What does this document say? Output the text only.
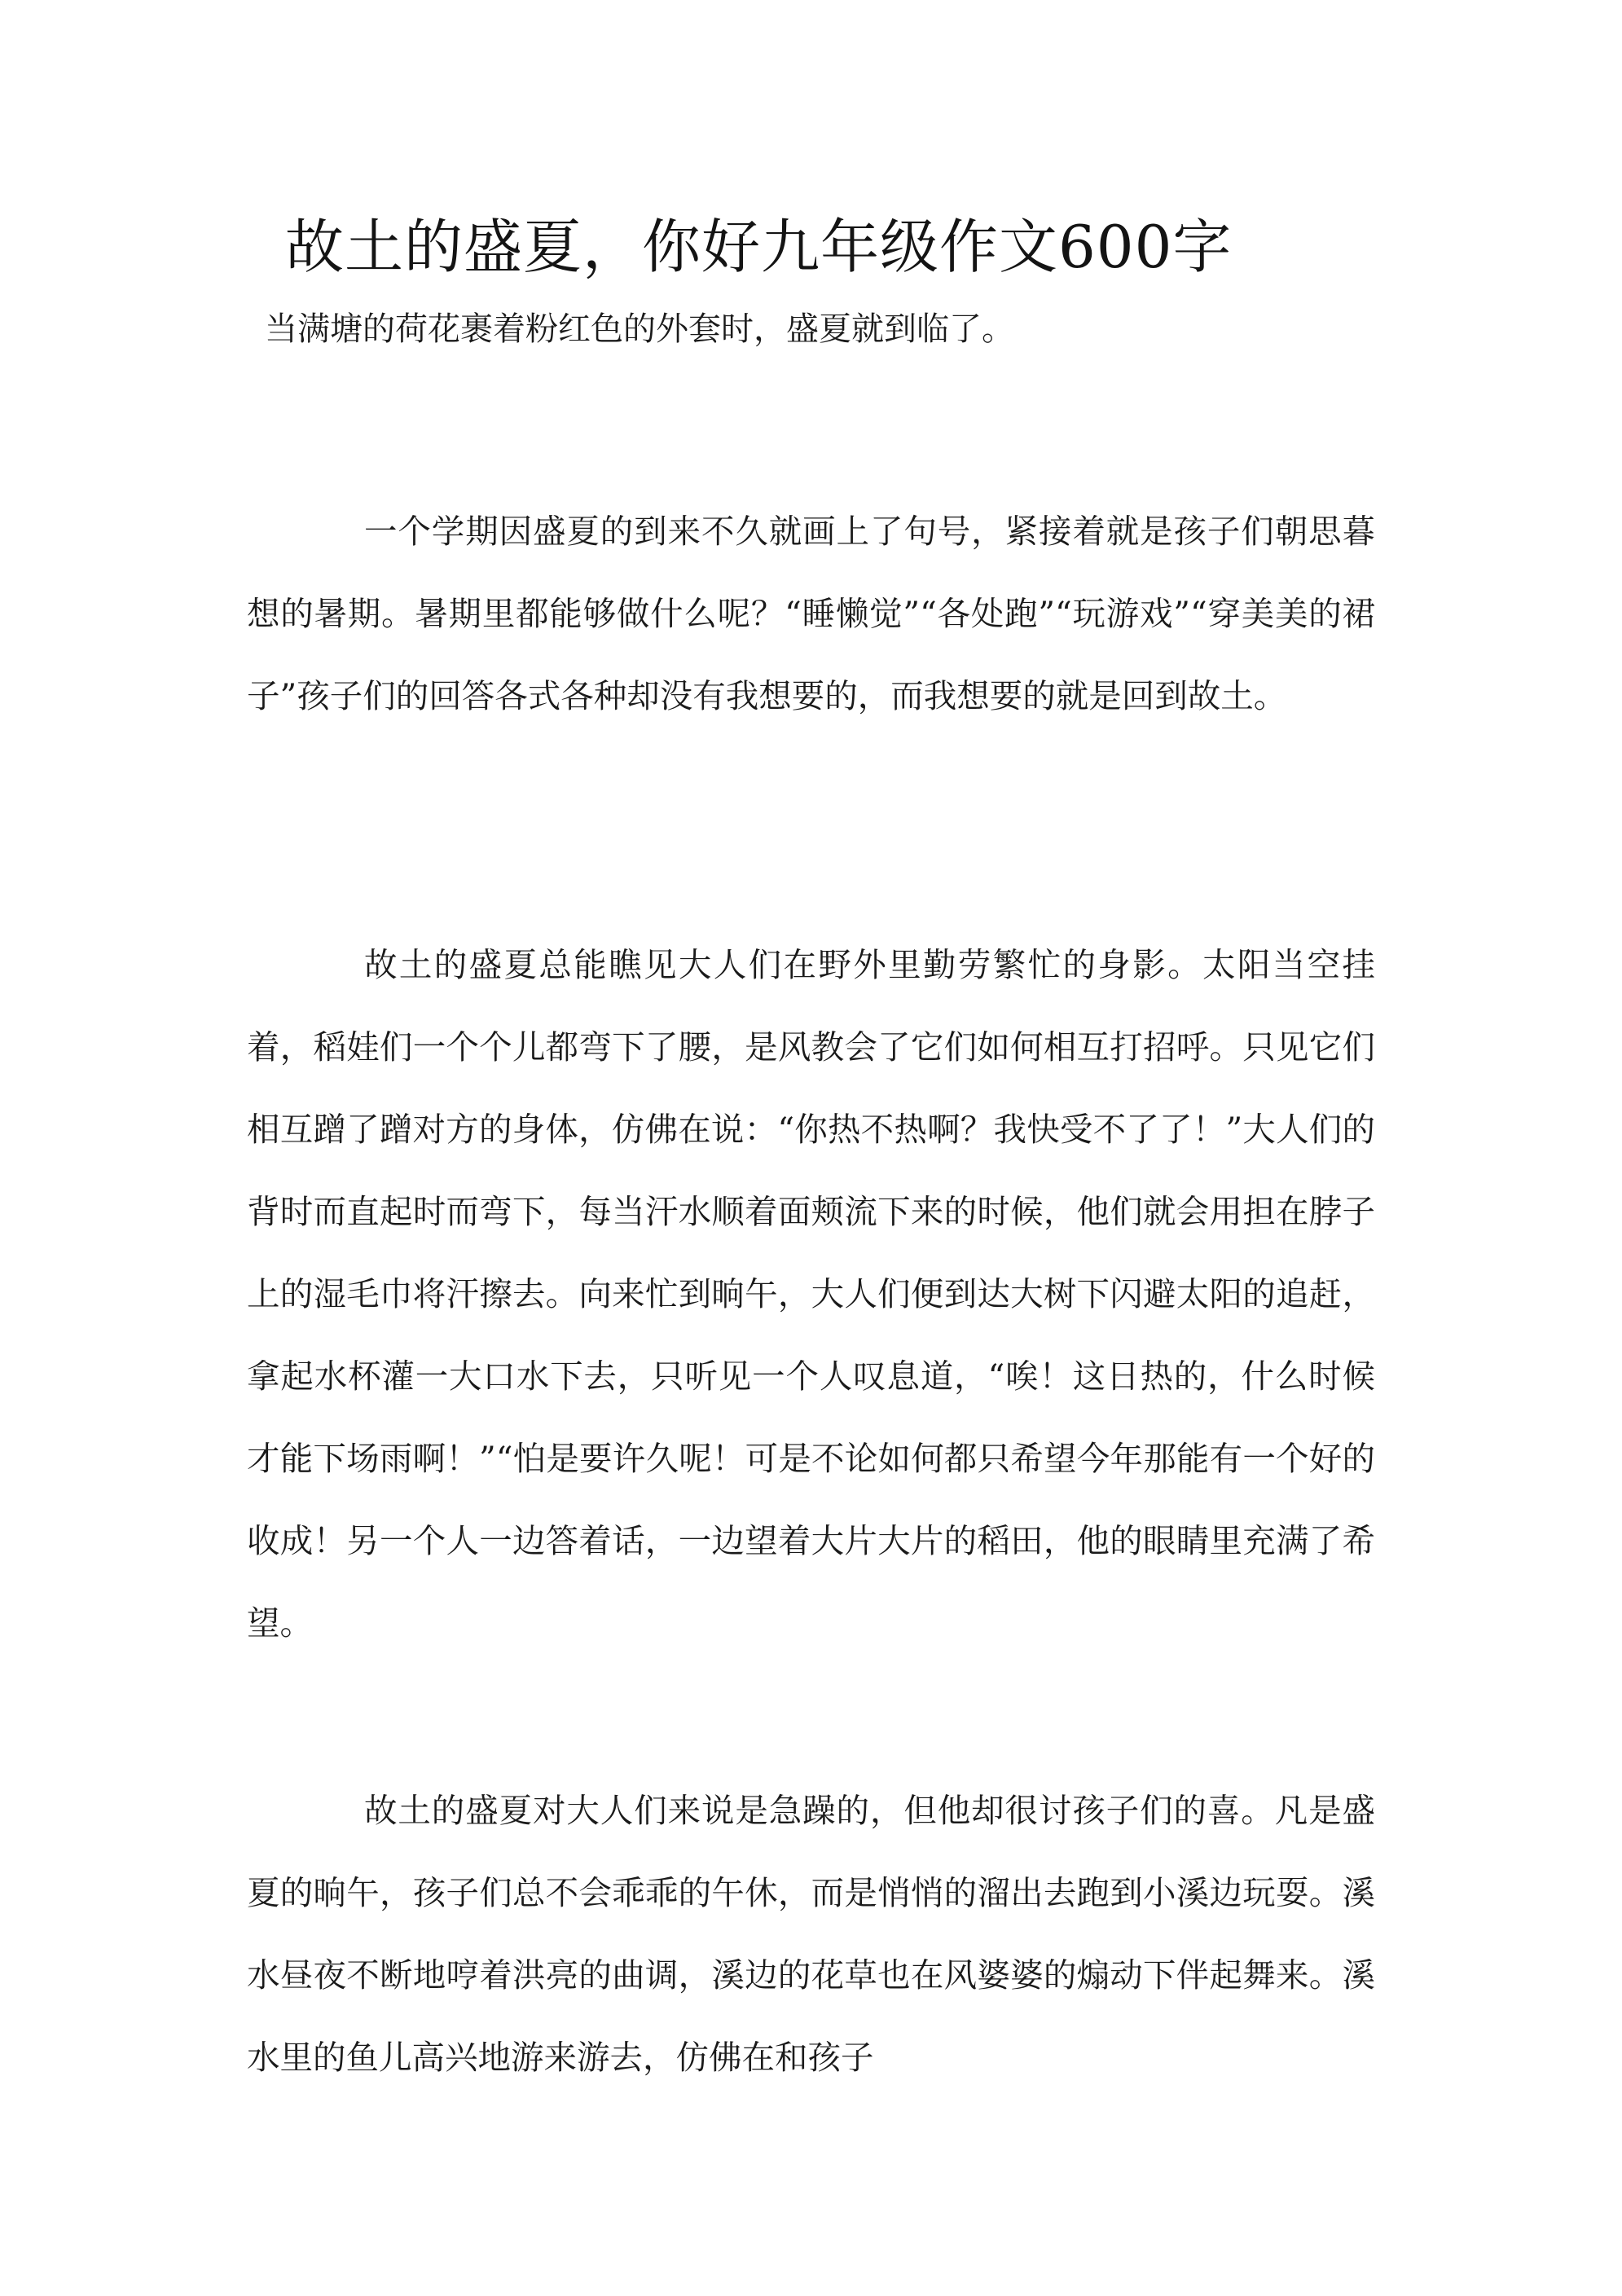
故土的盛夏，你好九年级作文600字
当满塘的荷花裹着粉红色的外套时，盛夏就到临了。

一个学期因盛夏的到来不久就画上了句号，紧接着就是孩子们朝思暮想的暑期。暑期里都能够做什么呢？“睡懒觉”“各处跑”“玩游戏”“穿美美的裙子”孩子们的回答各式各种却没有我想要的，而我想要的就是回到故土。

故土的盛夏总能瞧见大人们在野外里勤劳繁忙的身影。太阳当空挂着，稻娃们一个个儿都弯下了腰，是风教会了它们如何相互打招呼。只见它们相互蹭了蹭对方的身体，仿佛在说：“你热不热啊？我快受不了了！”大人们的背时而直起时而弯下，每当汗水顺着面颊流下来的时候，他们就会用担在脖子上的湿毛巾将汗擦去。向来忙到晌午，大人们便到达大树下闪避太阳的追赶，拿起水杯灌一大口水下去，只听见一个人叹息道，“唉！这日热的，什么时候才能下场雨啊！”“怕是要许久呢！可是不论如何都只希望今年那能有一个好的收成！另一个人一边答着话，一边望着大片大片的稻田，他的眼睛里充满了希望。

故土的盛夏对大人们来说是急躁的，但他却很讨孩子们的喜。凡是盛夏的晌午，孩子们总不会乖乖的午休，而是悄悄的溜出去跑到小溪边玩耍。溪水昼夜不断地哼着洪亮的曲调，溪边的花草也在风婆婆的煽动下伴起舞来。溪水里的鱼儿高兴地游来游去，仿佛在和孩子
